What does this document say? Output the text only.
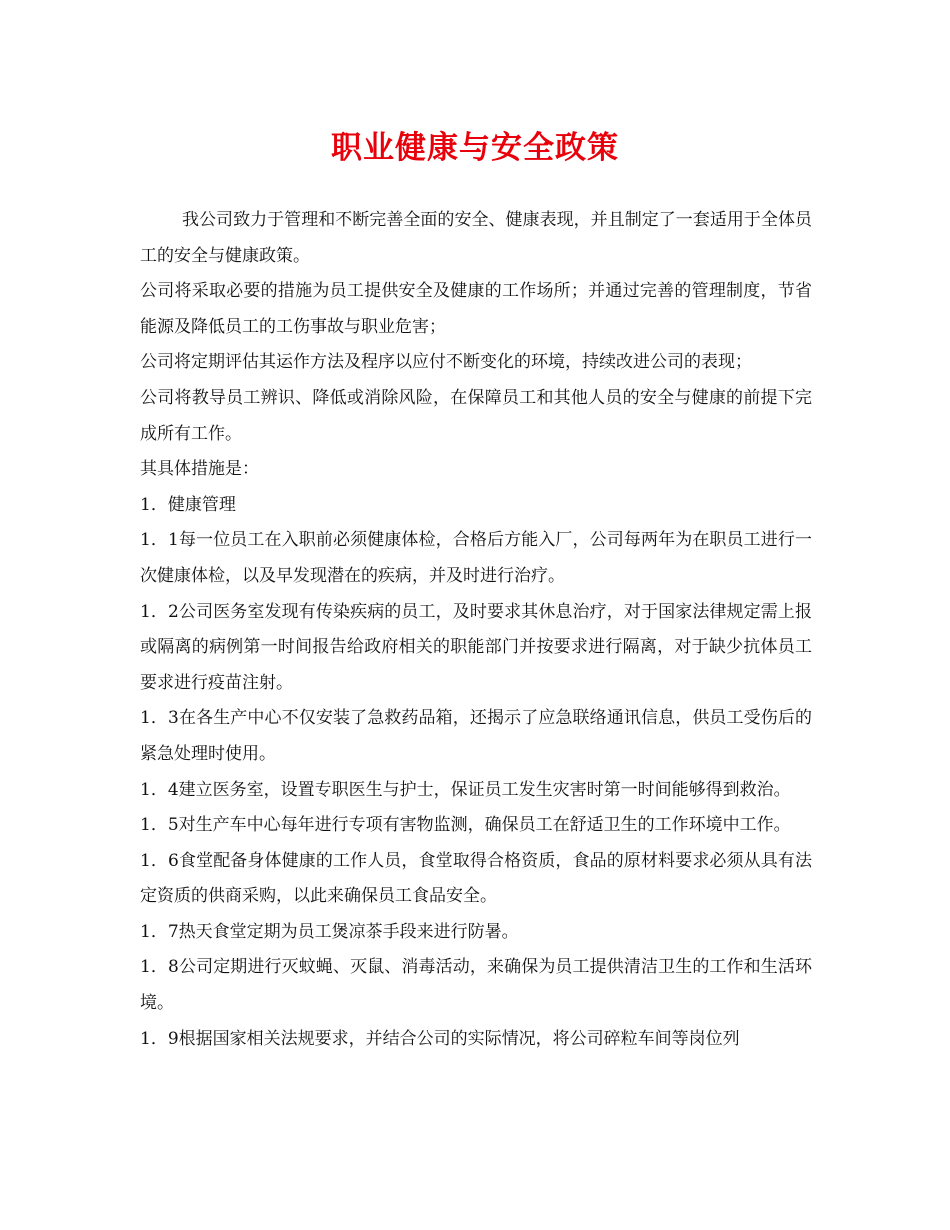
职业健康与安全政策

我公司致力于管理和不断完善全面的安全、健康表现，并且制定了一套适用于全体员工的安全与健康政策。

公司将采取必要的措施为员工提供安全及健康的工作场所；并通过完善的管理制度，节省能源及降低员工的工伤事故与职业危害；

公司将定期评估其运作方法及程序以应付不断变化的环境，持续改进公司的表现；

公司将教导员工辨识、降低或消除风险，在保障员工和其他人员的安全与健康的前提下完成所有工作。

其具体措施是：

1．健康管理

1．1每一位员工在入职前必须健康体检，合格后方能入厂，公司每两年为在职员工进行一次健康体检，以及早发现潜在的疾病，并及时进行治疗。

1．2公司医务室发现有传染疾病的员工，及时要求其休息治疗，对于国家法律规定需上报或隔离的病例第一时间报告给政府相关的职能部门并按要求进行隔离，对于缺少抗体员工要求进行疫苗注射。

1．3在各生产中心不仅安装了急救药品箱，还揭示了应急联络通讯信息，供员工受伤后的紧急处理时使用。

1．4建立医务室，设置专职医生与护士，保证员工发生灾害时第一时间能够得到救治。

1．5对生产车中心每年进行专项有害物监测，确保员工在舒适卫生的工作环境中工作。

1．6食堂配备身体健康的工作人员，食堂取得合格资质，食品的原材料要求必须从具有法定资质的供商采购，以此来确保员工食品安全。

1．7热天食堂定期为员工煲凉茶手段来进行防暑。

1．8公司定期进行灭蚊蝇、灭鼠、消毒活动，来确保为员工提供清洁卫生的工作和生活环境。

1．9根据国家相关法规要求，并结合公司的实际情况，将公司碎粒车间等岗位列
